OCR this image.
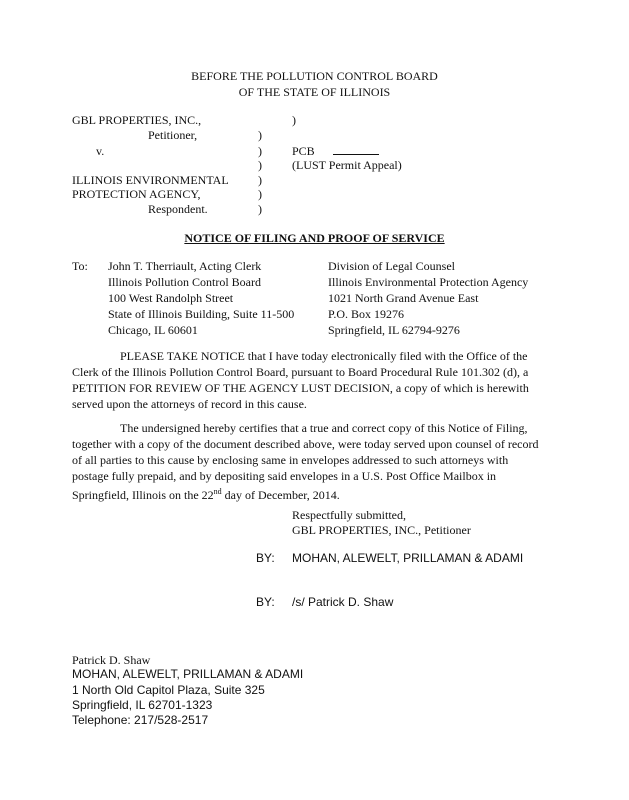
BEFORE THE POLLUTION CONTROL BOARD
OF THE STATE OF ILLINOIS
GBL PROPERTIES, INC.,
Petitioner,
v.
ILLINOIS ENVIRONMENTAL
PROTECTION AGENCY,
Respondent.
)
)
)
)
)
)
)
PCB
(LUST Permit Appeal)
NOTICE OF FILING AND PROOF OF SERVICE
To: John T. Therriault, Acting Clerk
Illinois Pollution Control Board
100 West Randolph Street
State of Illinois Building, Suite 11-500
Chicago, IL 60601
Division of Legal Counsel
Illinois Environmental Protection Agency
1021 North Grand Avenue East
P.O. Box 19276
Springfield, IL 62794-9276
PLEASE TAKE NOTICE that I have today electronically filed with the Office of the
Clerk of the Illinois Pollution Control Board, pursuant to Board Procedural Rule 101.302 (d), a
PETITION FOR REVIEW OF THE AGENCY LUST DECISION, a copy of which is herewith
served upon the attorneys of record in this cause.
The undersigned hereby certifies that a true and correct copy of this Notice of Filing,
together with a copy of the document described above, were today served upon counsel of record
of all parties to this cause by enclosing same in envelopes addressed to such attorneys with
postage fully prepaid, and by depositing said envelopes in a U.S. Post Office Mailbox in
Springfield, Illinois on the 22nd day of December, 2014.
Respectfully submitted,
GBL PROPERTIES, INC., Petitioner
BY: MOHAN, ALEWELT, PRILLAMAN & ADAMI
BY: /s/ Patrick D. Shaw
Patrick D. Shaw
MOHAN, ALEWELT, PRILLAMAN & ADAMI
1 North Old Capitol Plaza, Suite 325
Springfield, IL 62701-1323
Telephone: 217/528-2517
